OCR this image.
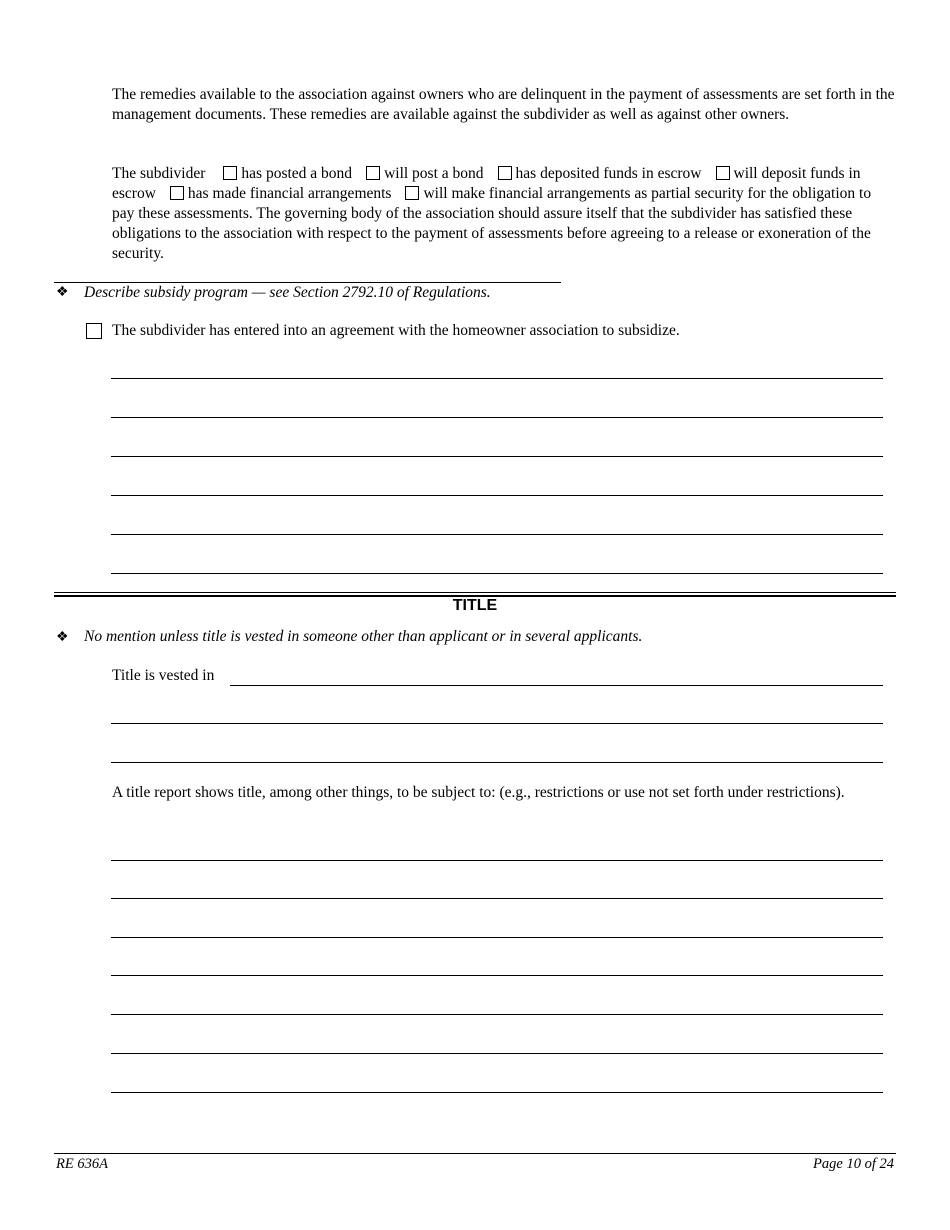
The remedies available to the association against owners who are delinquent in the payment of assessments are set forth in the management documents. These remedies are available against the subdivider as well as against other owners.
The subdivider has posted a bond will post a bond has deposited funds in escrow will deposit funds in escrow has made financial arrangements will make financial arrangements as partial security for the obligation to pay these assessments. The governing body of the association should assure itself that the subdivider has satisfied these obligations to the association with respect to the payment of assessments before agreeing to a release or exoneration of the security.
❖ Describe subsidy program — see Section 2792.10 of Regulations.
The subdivider has entered into an agreement with the homeowner association to subsidize.
TITLE
❖ No mention unless title is vested in someone other than applicant or in several applicants.
Title is vested in
A title report shows title, among other things, to be subject to: (e.g., restrictions or use not set forth under restrictions).
RE 636A	Page 10 of 24
